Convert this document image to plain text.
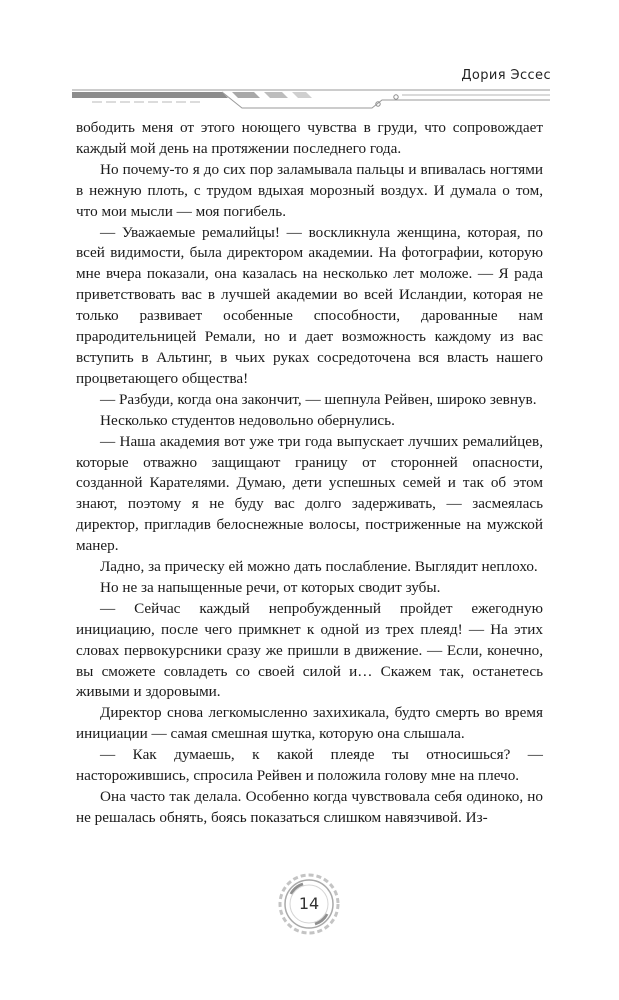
Дория Эссес

вободить меня от этого ноющего чувства в груди, что сопровождает каждый мой день на протяжении последнего года.

Но почему-то я до сих пор заламывала пальцы и впивалась ногтями в нежную плоть, с трудом вдыхая морозный воздух. И думала о том, что мои мысли — моя погибель.

— Уважаемые ремалийцы! — воскликнула женщина, которая, по всей видимости, была директором академии. На фотографии, которую мне вчера показали, она казалась на несколько лет моложе. — Я рада приветствовать вас в лучшей академии во всей Исландии, которая не только развивает особенные способности, дарованные нам прародительницей Ремали, но и дает возможность каждому из вас вступить в Альтинг, в чьих руках сосредоточена вся власть нашего процветающего общества!

— Разбуди, когда она закончит, — шепнула Рейвен, широко зевнув.

Несколько студентов недовольно обернулись.

— Наша академия вот уже три года выпускает лучших ремалийцев, которые отважно защищают границу от сторонней опасности, созданной Карателями. Думаю, дети успешных семей и так об этом знают, поэтому я не буду вас долго задерживать, — засмеялась директор, пригладив белоснежные волосы, постриженные на мужской манер.

Ладно, за прическу ей можно дать послабление. Выглядит неплохо.

Но не за напыщенные речи, от которых сводит зубы.

— Сейчас каждый непробужденный пройдет ежегодную инициацию, после чего примкнет к одной из трех плеяд! — На этих словах первокурсники сразу же пришли в движение. — Если, конечно, вы сможете совладеть со своей силой и… Скажем так, останетесь живыми и здоровыми.

Директор снова легкомысленно захихикала, будто смерть во время инициации — самая смешная шутка, которую она слышала.

— Как думаешь, к какой плеяде ты относишься? — насторожившись, спросила Рейвен и положила голову мне на плечо.

Она часто так делала. Особенно когда чувствовала себя одиноко, но не решалась обнять, боясь показаться слишком навязчивой. Из-

14
